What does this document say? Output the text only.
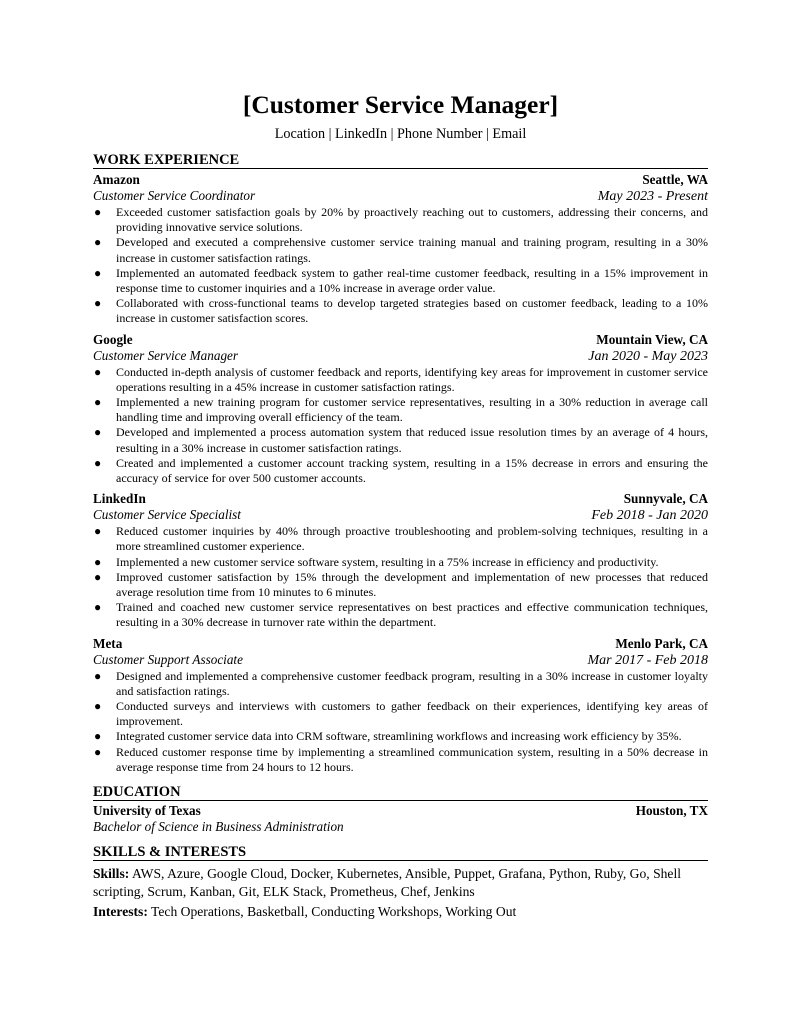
[Customer Service Manager]
Location | LinkedIn | Phone Number | Email
WORK EXPERIENCE
Amazon	Seattle, WA
Customer Service Coordinator	May 2023 - Present
● Exceeded customer satisfaction goals by 20% by proactively reaching out to customers, addressing their concerns, and providing innovative service solutions.
● Developed and executed a comprehensive customer service training manual and training program, resulting in a 30% increase in customer satisfaction ratings.
● Implemented an automated feedback system to gather real-time customer feedback, resulting in a 15% improvement in response time to customer inquiries and a 10% increase in average order value.
● Collaborated with cross-functional teams to develop targeted strategies based on customer feedback, leading to a 10% increase in customer satisfaction scores.
Google	Mountain View, CA
Customer Service Manager	Jan 2020 - May 2023
● Conducted in-depth analysis of customer feedback and reports, identifying key areas for improvement in customer service operations resulting in a 45% increase in customer satisfaction ratings.
● Implemented a new training program for customer service representatives, resulting in a 30% reduction in average call handling time and improving overall efficiency of the team.
● Developed and implemented a process automation system that reduced issue resolution times by an average of 4 hours, resulting in a 30% increase in customer satisfaction ratings.
● Created and implemented a customer account tracking system, resulting in a 15% decrease in errors and ensuring the accuracy of service for over 500 customer accounts.
LinkedIn	Sunnyvale, CA
Customer Service Specialist	Feb 2018 - Jan 2020
● Reduced customer inquiries by 40% through proactive troubleshooting and problem-solving techniques, resulting in a more streamlined customer experience.
● Implemented a new customer service software system, resulting in a 75% increase in efficiency and productivity.
● Improved customer satisfaction by 15% through the development and implementation of new processes that reduced average resolution time from 10 minutes to 6 minutes.
● Trained and coached new customer service representatives on best practices and effective communication techniques, resulting in a 30% decrease in turnover rate within the department.
Meta	Menlo Park, CA
Customer Support Associate	Mar 2017 - Feb 2018
● Designed and implemented a comprehensive customer feedback program, resulting in a 30% increase in customer loyalty and satisfaction ratings.
● Conducted surveys and interviews with customers to gather feedback on their experiences, identifying key areas of improvement.
● Integrated customer service data into CRM software, streamlining workflows and increasing work efficiency by 35%.
● Reduced customer response time by implementing a streamlined communication system, resulting in a 50% decrease in average response time from 24 hours to 12 hours.
EDUCATION
University of Texas	Houston, TX
Bachelor of Science in Business Administration
SKILLS & INTERESTS
Skills: AWS, Azure, Google Cloud, Docker, Kubernetes, Ansible, Puppet, Grafana, Python, Ruby, Go, Shell scripting, Scrum, Kanban, Git, ELK Stack, Prometheus, Chef, Jenkins
Interests: Tech Operations, Basketball, Conducting Workshops, Working Out
